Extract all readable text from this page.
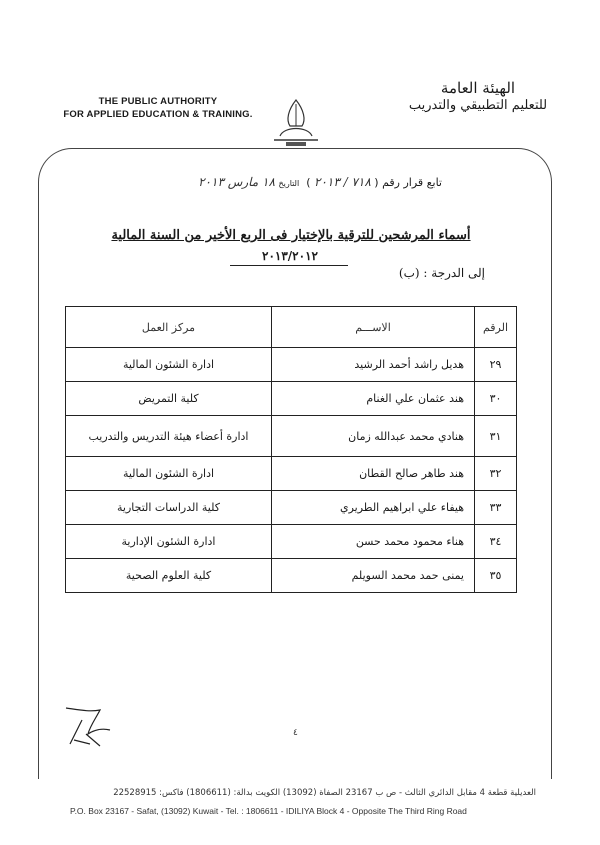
THE PUBLIC AUTHORITY
FOR APPLIED EDUCATION & TRAINING.
الهيئة العامة
للتعليم التطبيقي والتدريب
تابع قرار رقم ( ٧١٨ / ٢٠١٣ )  التاريخ ١٨ مارس ٢٠١٣
أسماء المرشحين للترقية بالإختيار فى الربع الأخير من السنة المالية
٢٠١٣/٢٠١٢
إلى الدرجة : (ب)
الرقم	الاســـم	مركز العمل
٢٩	هديل راشد أحمد الرشيد	ادارة الشئون المالية
٣٠	هند عثمان علي الغنام	كلية التمريض
٣١	هنادي محمد عبدالله زمان	ادارة أعضاء هيئة التدريس والتدريب
٣٢	هند طاهر صالح القطان	ادارة الشئون المالية
٣٣	هيفاء علي ابراهيم الطريري	كلية الدراسات التجارية
٣٤	هناء محمود محمد حسن	ادارة الشئون الإدارية
٣٥	يمنى حمد محمد السويلم	كلية العلوم الصحية
٤
العديلية قطعة 4 مقابل الدائري الثالث - ص ب 23167 الصفاة (13092) الكويت بدالة: (1806611) فاكس: 22528915
P.O. Box 23167 - Safat, (13092) Kuwait - Tel. : 1806611 - IDILIYA Block 4 - Opposite The Third Ring Road
